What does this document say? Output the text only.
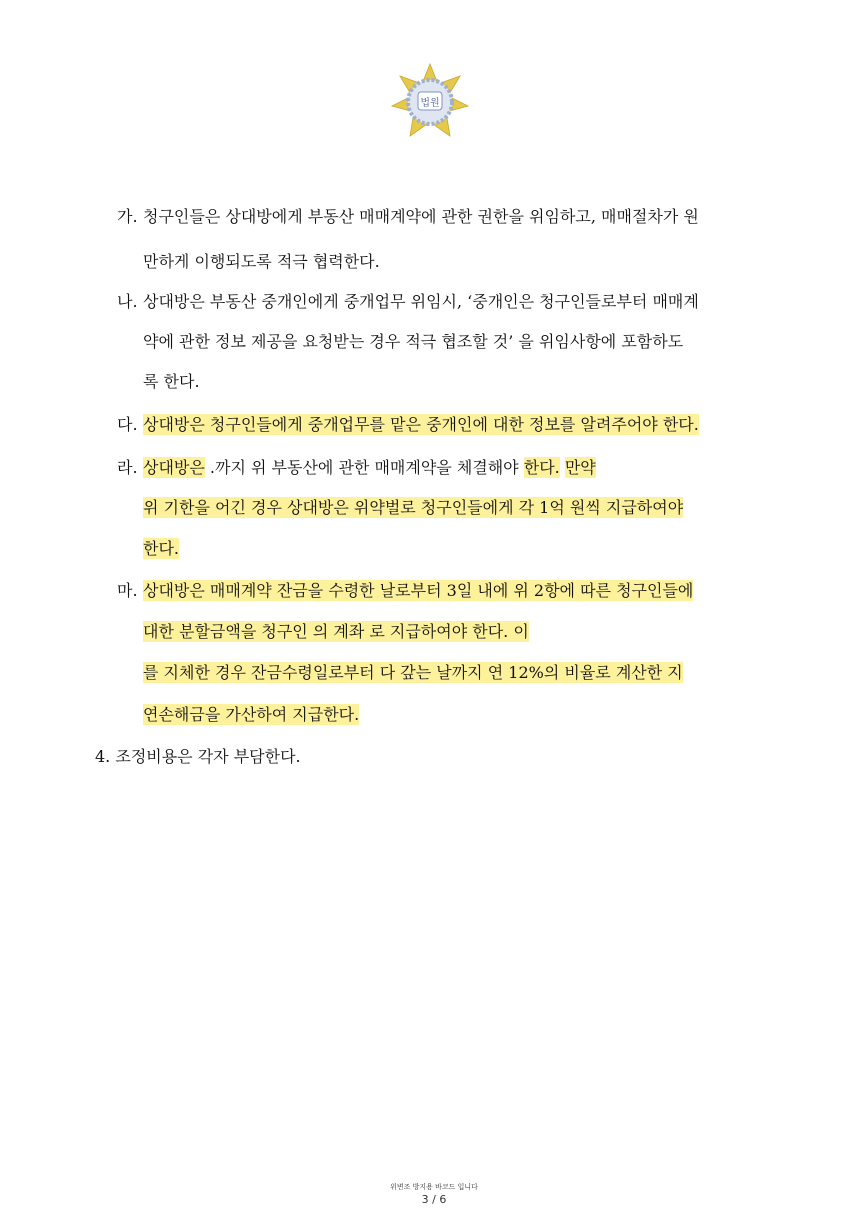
법원
가. 청구인들은 상대방에게 부동산 매매계약에 관한 권한을 위임하고, 매매절차가 원
만하게 이행되도록 적극 협력한다.
나. 상대방은 부동산 중개인에게 중개업무 위임시, ‘중개인은 청구인들로부터 매매계
약에 관한 정보 제공을 요청받는 경우 적극 협조할 것’ 을 위임사항에 포함하도
록 한다.
다. 상대방은 청구인들에게 중개업무를 맡은 중개인에 대한 정보를 알려주어야 한다.
라. 상대방은 .까지 위 부동산에 관한 매매계약을 체결해야 한다. 만약
위 기한을 어긴 경우 상대방은 위약벌로 청구인들에게 각 1억 원씩 지급하여야
한다.
마. 상대방은 매매계약 잔금을 수령한 날로부터 3일 내에 위 2항에 따른 청구인들에
대한 분할금액을 청구인 의 계좌 로 지급하여야 한다. 이
를 지체한 경우 잔금수령일로부터 다 갚는 날까지 연 12%의 비율로 계산한 지
연손해금을 가산하여 지급한다.
4. 조정비용은 각자 부담한다.
위변조 방지용 바코드 입니다
3 / 6
